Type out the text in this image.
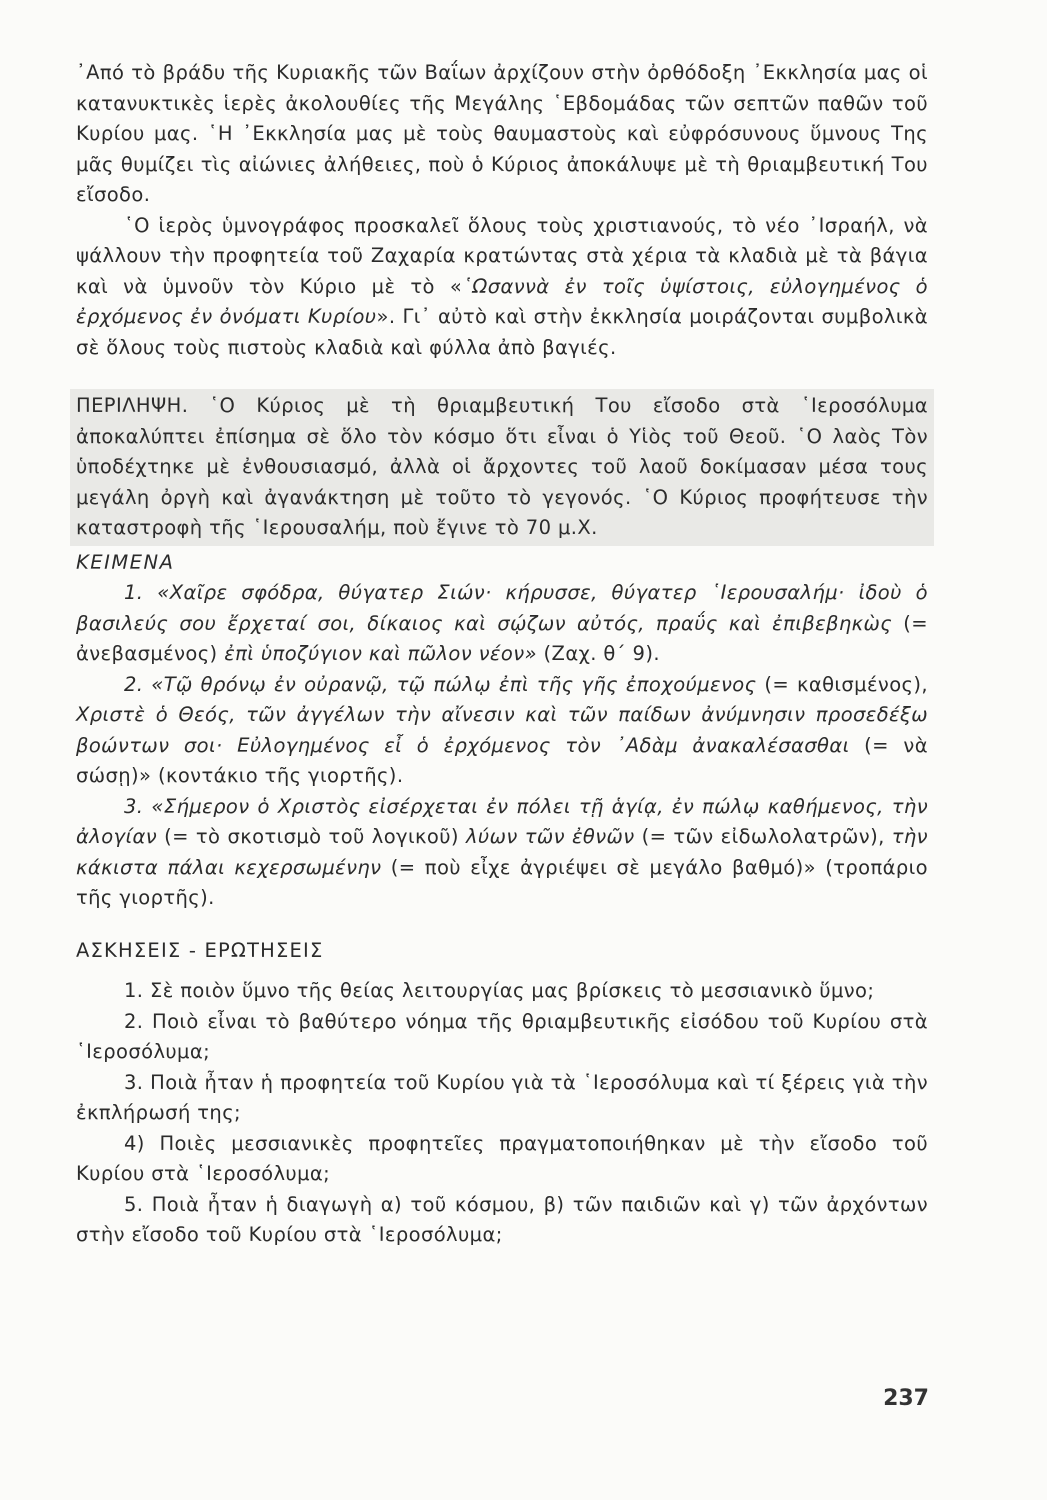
᾿Από τὸ βράδυ τῆς Κυριακῆς τῶν Βαΐων ἀρχίζουν στὴν ὀρθόδοξη ᾿Εκκλησία μας οἱ κατανυκτικὲς ἱερὲς ἀκολουθίες τῆς Μεγάλης ῾Εβδομάδας τῶν σεπτῶν παθῶν τοῦ Κυρίου μας. ῾Η ᾿Εκκλησία μας μὲ τοὺς θαυμαστοὺς καὶ εὐφρόσυνους ὕμνους Της μᾶς θυμίζει τὶς αἰώνιες ἀλήθειες, ποὺ ὁ Κύριος ἀποκάλυψε μὲ τὴ θριαμβευτική Του εἴσοδο.

῾Ο ἱερὸς ὑμνογράφος προσκαλεῖ ὅλους τοὺς χριστιανούς, τὸ νέο ᾿Ισραήλ, νὰ ψάλλουν τὴν προφητεία τοῦ Ζαχαρία κρατώντας στὰ χέρια τὰ κλαδιὰ μὲ τὰ βάγια καὶ νὰ ὑμνοῦν τὸν Κύριο μὲ τὸ «῾Ωσαννὰ ἐν τοῖς ὑψίστοις, εὐλογημένος ὁ ἐρχόμενος ἐν ὀνόματι Κυρίου». Γι᾿ αὐτὸ καὶ στὴν ἐκκλησία μοιράζονται συμβολικὰ σὲ ὅλους τοὺς πιστοὺς κλαδιὰ καὶ φύλλα ἀπὸ βαγιές.

ΠΕΡΙΛΗΨΗ. ῾Ο Κύριος μὲ τὴ θριαμβευτική Του εἴσοδο στὰ ῾Ιεροσόλυμα ἀποκαλύπτει ἐπίσημα σὲ ὅλο τὸν κόσμο ὅτι εἶναι ὁ Υἱὸς τοῦ Θεοῦ. ῾Ο λαὸς Τὸν ὑποδέχτηκε μὲ ἐνθουσιασμό, ἀλλὰ οἱ ἄρχοντες τοῦ λαοῦ δοκίμασαν μέσα τους μεγάλη ὀργὴ καὶ ἀγανάκτηση μὲ τοῦτο τὸ γεγονός. ῾Ο Κύριος προφήτευσε τὴν καταστροφὴ τῆς ῾Ιερουσαλήμ, ποὺ ἔγινε τὸ 70 μ.Χ.

ΚΕΙΜΕΝΑ

1. «Χαῖρε σφόδρα, θύγατερ Σιών· κήρυσσε, θύγατερ ῾Ιερουσαλήμ· ἰδοὺ ὁ βασιλεύς σου ἔρχεταί σοι, δίκαιος καὶ σῴζων αὐτός, πραΰς καὶ ἐπιβεβηκὼς (= ἀνεβασμένος) ἐπὶ ὑποζύγιον καὶ πῶλον νέον» (Ζαχ. θ´ 9).

2. «Τῷ θρόνῳ ἐν οὐρανῷ, τῷ πώλῳ ἐπὶ τῆς γῆς ἐποχούμενος (= καθισμένος), Χριστὲ ὁ Θεός, τῶν ἀγγέλων τὴν αἴνεσιν καὶ τῶν παίδων ἀνύμνησιν προσεδέξω βοώντων σοι· Εὐλογημένος εἶ ὁ ἐρχόμενος τὸν ᾿Αδὰμ ἀνακαλέσασθαι (= νὰ σώσῃ)» (κοντάκιο τῆς γιορτῆς).

3. «Σήμερον ὁ Χριστὸς εἰσέρχεται ἐν πόλει τῇ ἁγίᾳ, ἐν πώλῳ καθήμενος, τὴν ἀλογίαν (= τὸ σκοτισμὸ τοῦ λογικοῦ) λύων τῶν ἐθνῶν (= τῶν εἰδωλολατρῶν), τὴν κάκιστα πάλαι κεχερσωμένην (= ποὺ εἶχε ἀγριέψει σὲ μεγάλο βαθμό)» (τροπάριο τῆς γιορτῆς).

ΑΣΚΗΣΕΙΣ - ΕΡΩΤΗΣΕΙΣ

1. Σὲ ποιὸν ὕμνο τῆς θείας λειτουργίας μας βρίσκεις τὸ μεσσιανικὸ ὕμνο;

2. Ποιὸ εἶναι τὸ βαθύτερο νόημα τῆς θριαμβευτικῆς εἰσόδου τοῦ Κυρίου στὰ ῾Ιεροσόλυμα;

3. Ποιὰ ἦταν ἡ προφητεία τοῦ Κυρίου γιὰ τὰ ῾Ιεροσόλυμα καὶ τί ξέρεις γιὰ τὴν ἐκπλήρωσή της;

4) Ποιὲς μεσσιανικὲς προφητεῖες πραγματοποιήθηκαν μὲ τὴν εἴσοδο τοῦ Κυρίου στὰ ῾Ιεροσόλυμα;

5. Ποιὰ ἦταν ἡ διαγωγὴ α) τοῦ κόσμου, β) τῶν παιδιῶν καὶ γ) τῶν ἀρχόντων στὴν εἴσοδο τοῦ Κυρίου στὰ ῾Ιεροσόλυμα;

237
